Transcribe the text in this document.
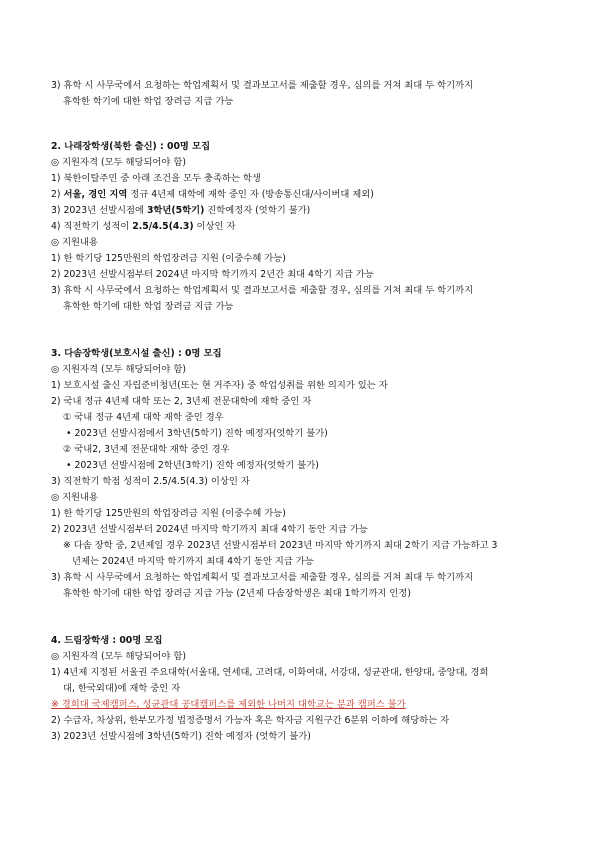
3) 휴학 시 사무국에서 요청하는 학업계획서 및 결과보고서를 제출할 경우, 심의를 거쳐 최대 두 학기까지
휴학한 학기에 대한 학업 장려금 지급 가능
2. 나래장학생(북한 출신) : 00명 모집
◎ 지원자격 (모두 해당되어야 함)
1) 북한이탈주민 중 아래 조건을 모두 충족하는 학생
2) 서울, 경인 지역 정규 4년제 대학에 재학 중인 자 (방송통신대/사이버대 제외)
3) 2023년 선발시점에 3학년(5학기) 진학예정자 (엇학기 불가)
4) 직전학기 성적이 2.5/4.5(4.3) 이상인 자
◎ 지원내용
1) 한 학기당 125만원의 학업장려금 지원 (이중수혜 가능)
2) 2023년 선발시점부터 2024년 마지막 학기까지 2년간 최대 4학기 지급 가능
3) 휴학 시 사무국에서 요청하는 학업계획서 및 결과보고서를 제출할 경우, 심의를 거쳐 최대 두 학기까지
휴학한 학기에 대한 학업 장려금 지급 가능
3. 다솜장학생(보호시설 출신) : 0명 모집
◎ 지원자격 (모두 해당되어야 함)
1) 보호시설 출신 자립준비청년(또는 현 거주자) 중 학업성취를 위한 의지가 있는 자
2) 국내 정규 4년제 대학 또는 2, 3년제 전문대학에 재학 중인 자
① 국내 정규 4년제 대학 재학 중인 경우
• 2023년 선발시점에서 3학년(5학기) 진학 예정자(엇학기 불가)
② 국내2, 3년제 전문대학 재학 중인 경우
• 2023년 선발시점에 2학년(3학기) 진학 예정자(엇학기 불가)
3) 직전학기 학점 성적이 2.5/4.5(4.3) 이상인 자
◎ 지원내용
1) 한 학기당 125만원의 학업장려금 지원 (이중수혜 가능)
2) 2023년 선발시점부터 2024년 마지막 학기까지 최대 4학기 동안 지급 가능
※ 다솜 장학 중, 2년제일 경우 2023년 선발시점부터 2023년 마지막 학기까지 최대 2학기 지급 가능하고 3
년제는 2024년 마지막 학기까지 최대 4학기 동안 지급 가능
3) 휴학 시 사무국에서 요청하는 학업계획서 및 결과보고서를 제출할 경우, 심의를 거쳐 최대 두 학기까지
휴학한 학기에 대한 학업 장려금 지급 가능 (2년제 다솜장학생은 최대 1학기까지 인정)
4. 드림장학생 : 00명 모집
◎ 지원자격 (모두 해당되어야 함)
1) 4년제 지정된 서울권 주요대학(서울대, 연세대, 고려대, 이화여대, 서강대, 성균관대, 한양대, 중앙대, 경희
대, 한국외대)에 재학 중인 자
※ 경희대 국제캠퍼스, 성균관대 공대캠퍼스를 제외한 나머지 대학교는 분과 캠퍼스 불가
2) 수급자, 차상위, 한부모가정 법정증명서 가능자 혹은 학자금 지원구간 6분위 이하에 해당하는 자
3) 2023년 선발시점에 3학년(5학기) 진학 예정자 (엇학기 불가)
